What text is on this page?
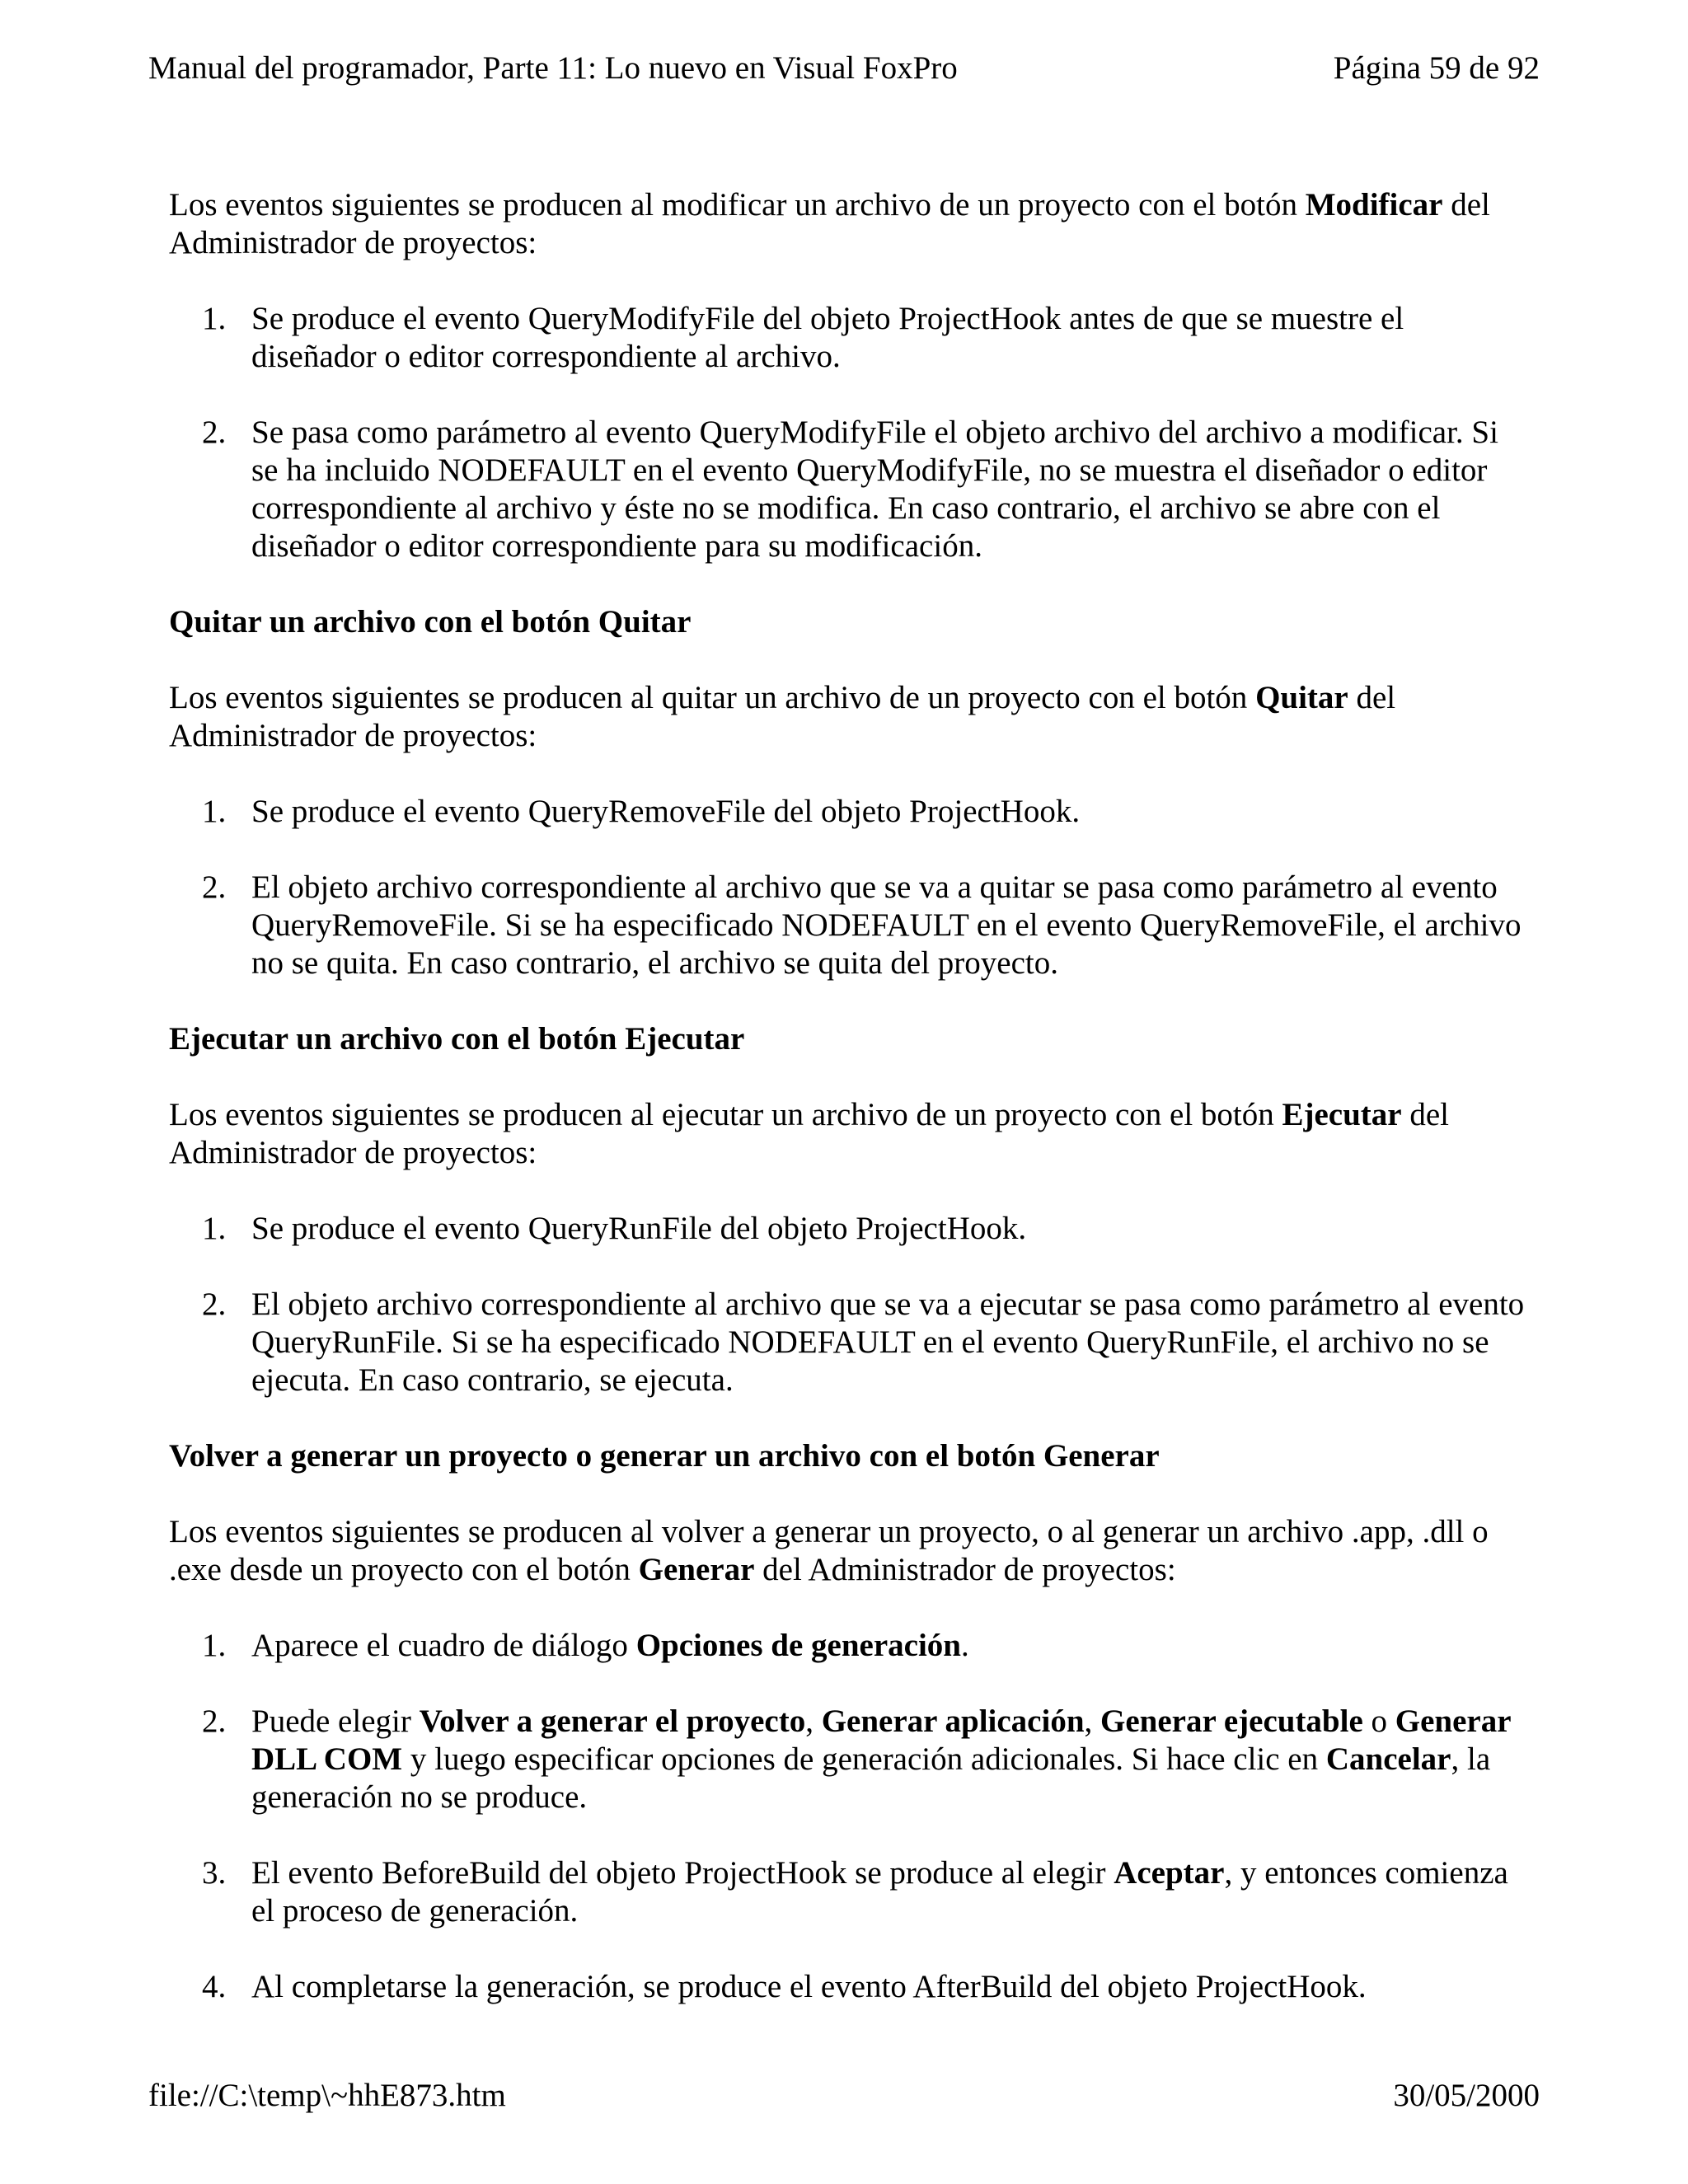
Manual del programador, Parte 11: Lo nuevo en Visual FoxPro	Página 59 de 92

Los eventos siguientes se producen al modificar un archivo de un proyecto con el botón Modificar del Administrador de proyectos:

1. Se produce el evento QueryModifyFile del objeto ProjectHook antes de que se muestre el diseñador o editor correspondiente al archivo.
2. Se pasa como parámetro al evento QueryModifyFile el objeto archivo del archivo a modificar. Si se ha incluido NODEFAULT en el evento QueryModifyFile, no se muestra el diseñador o editor correspondiente al archivo y éste no se modifica. En caso contrario, el archivo se abre con el diseñador o editor correspondiente para su modificación.

Quitar un archivo con el botón Quitar

Los eventos siguientes se producen al quitar un archivo de un proyecto con el botón Quitar del Administrador de proyectos:

1. Se produce el evento QueryRemoveFile del objeto ProjectHook.
2. El objeto archivo correspondiente al archivo que se va a quitar se pasa como parámetro al evento QueryRemoveFile. Si se ha especificado NODEFAULT en el evento QueryRemoveFile, el archivo no se quita. En caso contrario, el archivo se quita del proyecto.

Ejecutar un archivo con el botón Ejecutar

Los eventos siguientes se producen al ejecutar un archivo de un proyecto con el botón Ejecutar del Administrador de proyectos:

1. Se produce el evento QueryRunFile del objeto ProjectHook.
2. El objeto archivo correspondiente al archivo que se va a ejecutar se pasa como parámetro al evento QueryRunFile. Si se ha especificado NODEFAULT en el evento QueryRunFile, el archivo no se ejecuta. En caso contrario, se ejecuta.

Volver a generar un proyecto o generar un archivo con el botón Generar

Los eventos siguientes se producen al volver a generar un proyecto, o al generar un archivo .app, .dll o .exe desde un proyecto con el botón Generar del Administrador de proyectos:

1. Aparece el cuadro de diálogo Opciones de generación.
2. Puede elegir Volver a generar el proyecto, Generar aplicación, Generar ejecutable o Generar DLL COM y luego especificar opciones de generación adicionales. Si hace clic en Cancelar, la generación no se produce.
3. El evento BeforeBuild del objeto ProjectHook se produce al elegir Aceptar, y entonces comienza el proceso de generación.
4. Al completarse la generación, se produce el evento AfterBuild del objeto ProjectHook.
file://C:\temp\~hhE873.htm	30/05/2000
